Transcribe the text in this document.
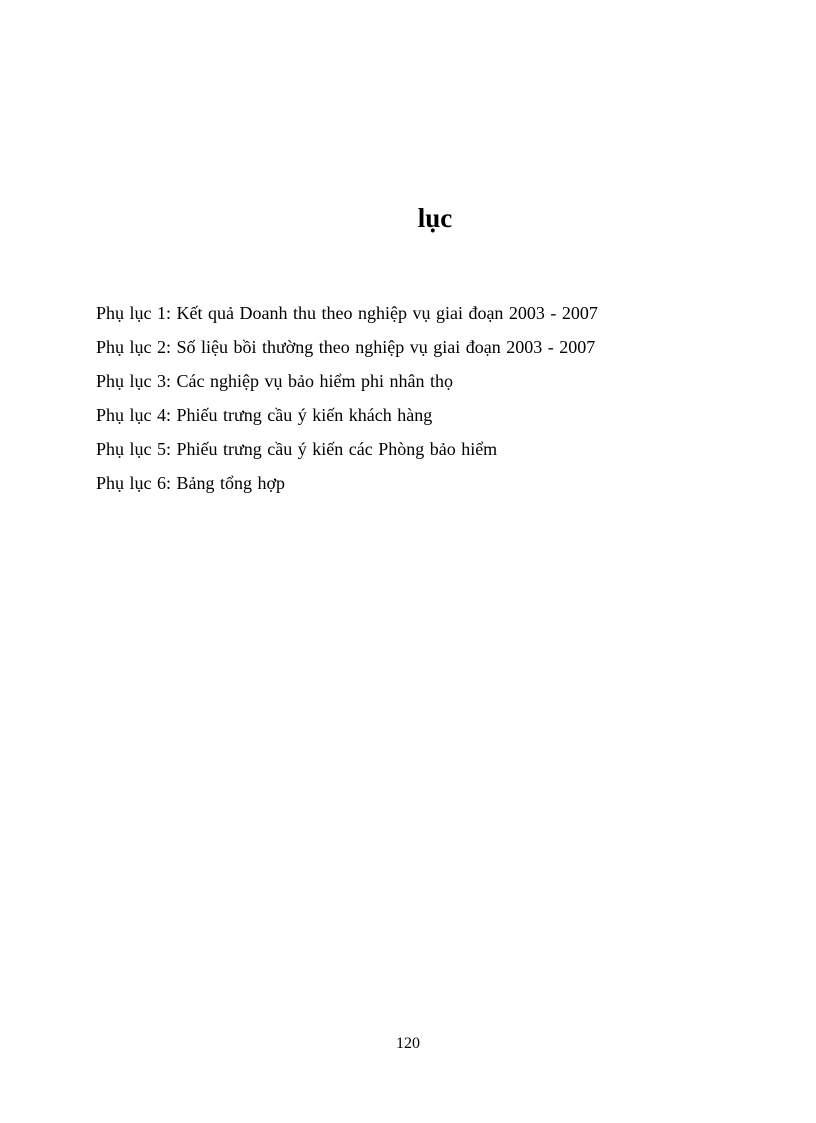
lục
Phụ lục 1: Kết quả Doanh thu theo nghiệp vụ giai đoạn 2003 - 2007
Phụ lục 2: Số liệu bồi thường theo nghiệp vụ giai đoạn 2003 - 2007
Phụ lục 3: Các nghiệp vụ bảo hiểm phi nhân thọ
Phụ lục 4: Phiếu trưng cầu ý kiến khách hàng
Phụ lục 5: Phiếu trưng cầu ý kiến các Phòng bảo hiểm
Phụ lục 6: Bảng tổng hợp
120
